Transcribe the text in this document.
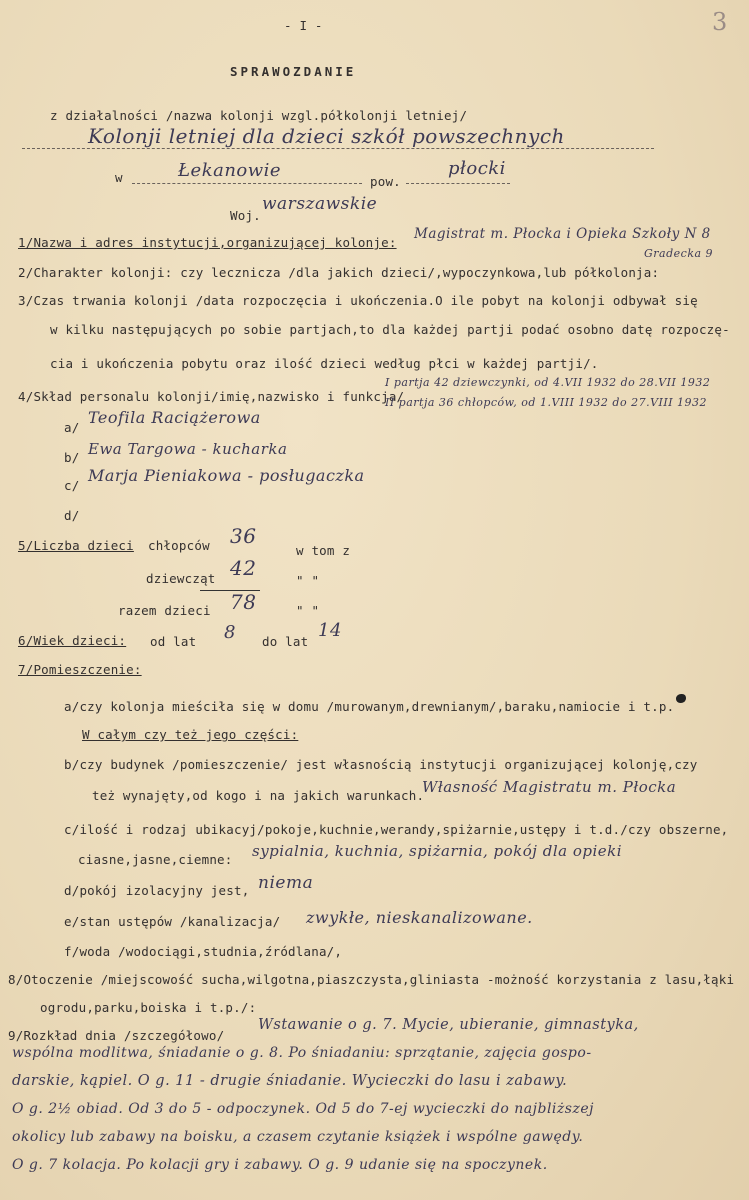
3
- I -
SPRAWOZDANIE
z działalności /nazwa kolonji wzgl.półkolonji letniej/
Kolonji letniej dla dzieci szkół powszechnych
w	Łekanowie
pow.
płocki
Woj.
warszawskie
1/Nazwa i adres instytucji,organizującej kolonje:
Magistrat m. Płocka i Opieka Szkoły N 8
Gradecka 9
2/Charakter kolonji: czy lecznicza /dla jakich dzieci/,wypoczynkowa,lub półkolonja:
3/Czas trwania kolonji /data rozpoczęcia i ukończenia.O ile pobyt na kolonji odbywał się
w kilku następujących po sobie partjach,to dla każdej partji podać osobno datę rozpoczę-
cia i ukończenia pobytu oraz ilość dzieci według płci w każdej partji/.
4/Skład personalu kolonji/imię,nazwisko i funkcja/
I partja 42 dziewczynki, od 4.VII 1932 do 28.VII 1932
II partja 36 chłopców, od 1.VIII 1932 do 27.VIII 1932
a/
Teofila Raciążerowa
b/ Ewa Targowa - kucharka
c/
Marja Pieniakowa - posługaczka
d/
5/Liczba dzieci chłopców 36
w tom z
dziewcząt 42
" "
razem dzieci 78	" "
6/Wiek dzieci: od lat 8 do lat
14
7/Pomieszczenie:
a/czy kolonja mieściła się w domu /murowanym,drewnianym/,baraku,namiocie i t.p.
W całym czy też jego części:
b/czy budynek /pomieszczenie/ jest własnością instytucji organizującej kolonję,czy
też wynajęty,od kogo i na jakich warunkach.
Własność Magistratu m. Płocka
c/ilość i rodzaj ubikacyj/pokoje,kuchnie,werandy,spiżarnie,ustępy i t.d./czy obszerne,
ciasne,jasne,ciemne: sypialnia, kuchnia, spiżarnia, pokój dla opieki
d/pokój izolacyjny jest, niema
e/stan ustępów /kanalizacja/ zwykłe, nieskanalizowane.
f/woda /wodociągi,studnia,źródlana/,
8/Otoczenie /miejscowość sucha,wilgotna,piaszczysta,gliniasta -możność korzystania z lasu,łąki
ogrodu,parku,boiska i t.p./:
9/Rozkład dnia /szczegółowo/
Wstawanie o g. 7. Mycie, ubieranie, gimnastyka,
wspólna modlitwa, śniadanie o g. 8. Po śniadaniu: sprzątanie, zajęcia gospo-
darskie, kąpiel. O g. 11 - drugie śniadanie. Wycieczki do lasu i zabawy.
O g. 2½ obiad. Od 3 do 5 - odpoczynek. Od 5 do 7-ej wycieczki do najbliższej
okolicy lub zabawy na boisku, a czasem czytanie książek i wspólne gawędy.
O g. 7 kolacja. Po kolacji gry i zabawy. O g. 9 udanie się na spoczynek.
